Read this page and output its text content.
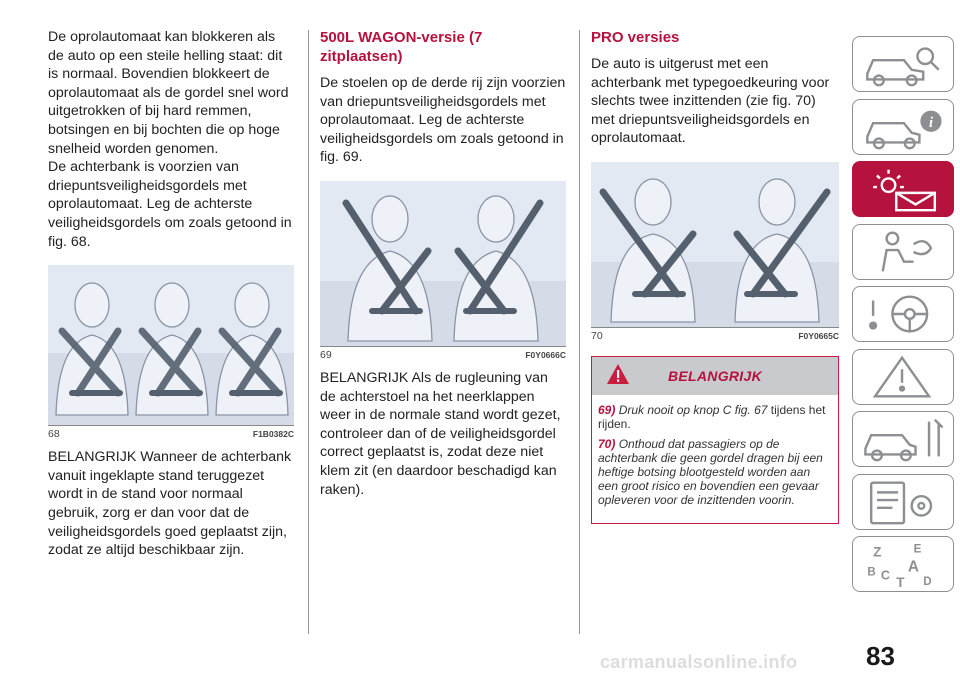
De oprolautomaat kan blokkeren als de auto op een steile helling staat: dit is normaal. Bovendien blokkeert de oprolautomaat als de gordel snel word uitgetrokken of bij hard remmen, botsingen en bij bochten die op hoge snelheid worden genomen.

De achterbank is voorzien van driepuntsveiligheidsgordels met oprolautomaat. Leg de achterste veiligheidsgordels om zoals getoond in fig. 68.

68	F1B0382C

BELANGRIJK Wanneer de achterbank vanuit ingeklapte stand teruggezet wordt in de stand voor normaal gebruik, zorg er dan voor dat de veiligheidsgordels goed geplaatst zijn, zodat ze altijd beschikbaar zijn.

500L WAGON-versie (7 zitplaatsen)

De stoelen op de derde rij zijn voorzien van driepuntsveiligheidsgordels met oprolautomaat. Leg de achterste veiligheidsgordels om zoals getoond in fig. 69.

69	F0Y0666C

BELANGRIJK Als de rugleuning van de achterstoel na het neerklappen weer in de normale stand wordt gezet, controleer dan of de veiligheidsgordel correct geplaatst is, zodat deze niet klem zit (en daardoor beschadigd kan raken).

PRO versies

De auto is uitgerust met een achterbank met typegoedkeuring voor slechts twee inzittenden (zie fig. 70) met driepuntsveiligheidsgordels en oprolautomaat.

70	F0Y0665C
BELANGRIJK

69) Druk nooit op knop C fig. 67 tijdens het rijden.

70) Onthoud dat passagiers op de achterbank die geen gordel dragen bij een heftige botsing blootgesteld worden aan een groot risico en bovendien een gevaar opleveren voor de inzittenden voorin.

i
Z	E
B A
C T D
83
carmanualsonline.info
